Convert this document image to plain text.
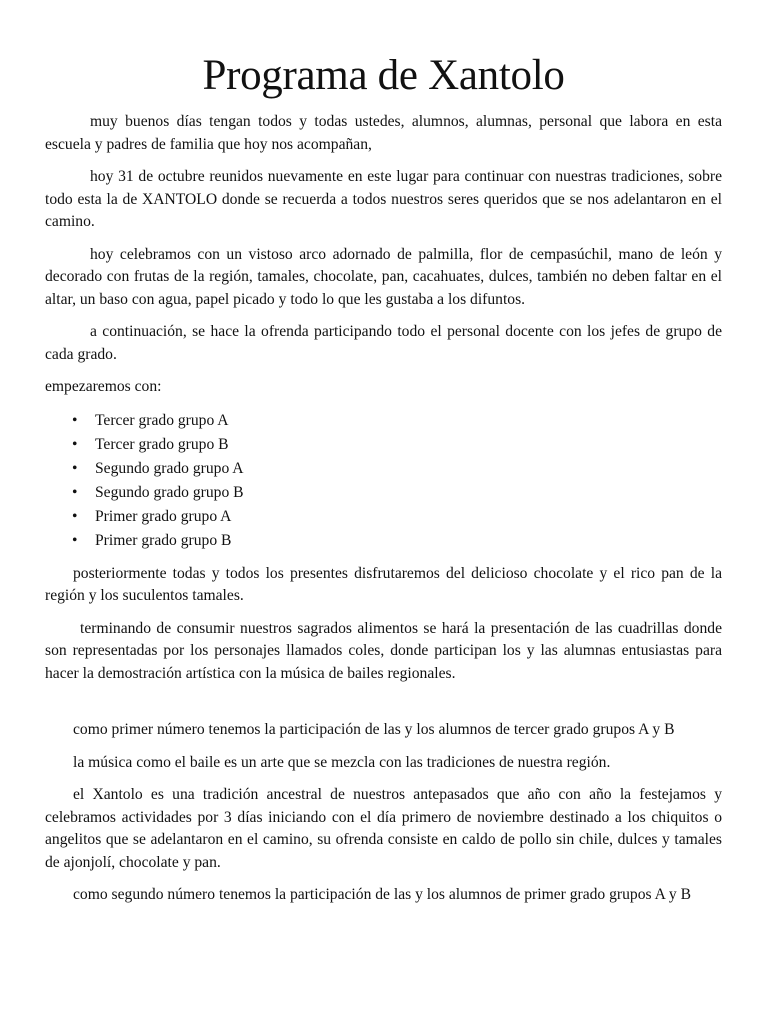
Programa de Xantolo

muy buenos días tengan todos y todas ustedes, alumnos, alumnas, personal que labora en esta escuela y padres de familia que hoy nos acompañan,

hoy 31 de octubre reunidos nuevamente en este lugar para continuar con nuestras tradiciones, sobre todo esta la de XANTOLO donde se recuerda a todos nuestros seres queridos que se nos adelantaron en el camino.

hoy celebramos con un vistoso arco adornado de palmilla, flor de cempasúchil, mano de león y decorado con frutas de la región, tamales, chocolate, pan, cacahuates, dulces, también no deben faltar en el altar, un baso con agua, papel picado y todo lo que les gustaba a los difuntos.

a continuación, se hace la ofrenda participando todo el personal docente con los jefes de grupo de cada grado.

empezaremos con:

• Tercer grado grupo A
• Tercer grado grupo B
• Segundo grado grupo A
• Segundo grado grupo B
• Primer grado grupo A
• Primer grado grupo B

posteriormente todas y todos los presentes disfrutaremos del delicioso chocolate y el rico pan de la región y los suculentos tamales.

terminando de consumir nuestros sagrados alimentos se hará la presentación de las cuadrillas donde son representadas por los personajes llamados coles, donde participan los y las alumnas entusiastas para hacer la demostración artística con la música de bailes regionales.

como primer número tenemos la participación de las y los alumnos de tercer grado grupos A y B

la música como el baile es un arte que se mezcla con las tradiciones de nuestra región.

el Xantolo es una tradición ancestral de nuestros antepasados que año con año la festejamos y celebramos actividades por 3 días iniciando con el día primero de noviembre destinado a los chiquitos o angelitos que se adelantaron en el camino, su ofrenda consiste en caldo de pollo sin chile, dulces y tamales de ajonjolí, chocolate y pan.

como segundo número tenemos la participación de las y los alumnos de primer grado grupos A y B
